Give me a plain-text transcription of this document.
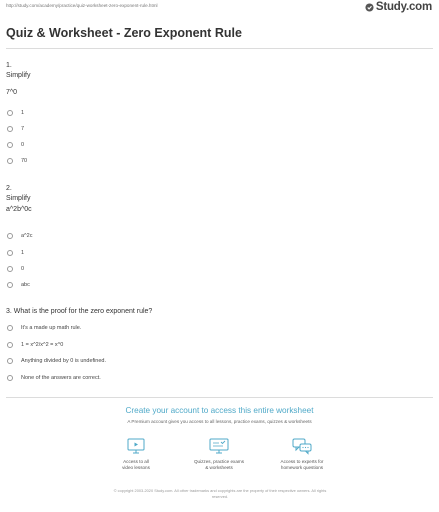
http://study.com/academy/practice/quiz-worksheet-zero-exponent-rule.html	Study.com
Quiz & Worksheet - Zero Exponent Rule
1.
Simplify
7^0
1
7
0
70
2.
Simplify
a^2b^0c
a^2c
1
0
abc
3. What is the proof for the zero exponent rule?
It's a made up math rule.
1 = x^2/x^2 = x^0
Anything divided by 0 is undefined.
None of the answers are correct.
Create your account to access this entire worksheet
A Premium account gives you access to all lessons, practice exams, quizzes & worksheets
Access to all
video lessons
Quizzes, practice exams
& worksheets
Access to experts for
homework questions
© copyright 2003-2020 Study.com. All other trademarks and copyrights are the property of their respective owners. All rights
reserved.
